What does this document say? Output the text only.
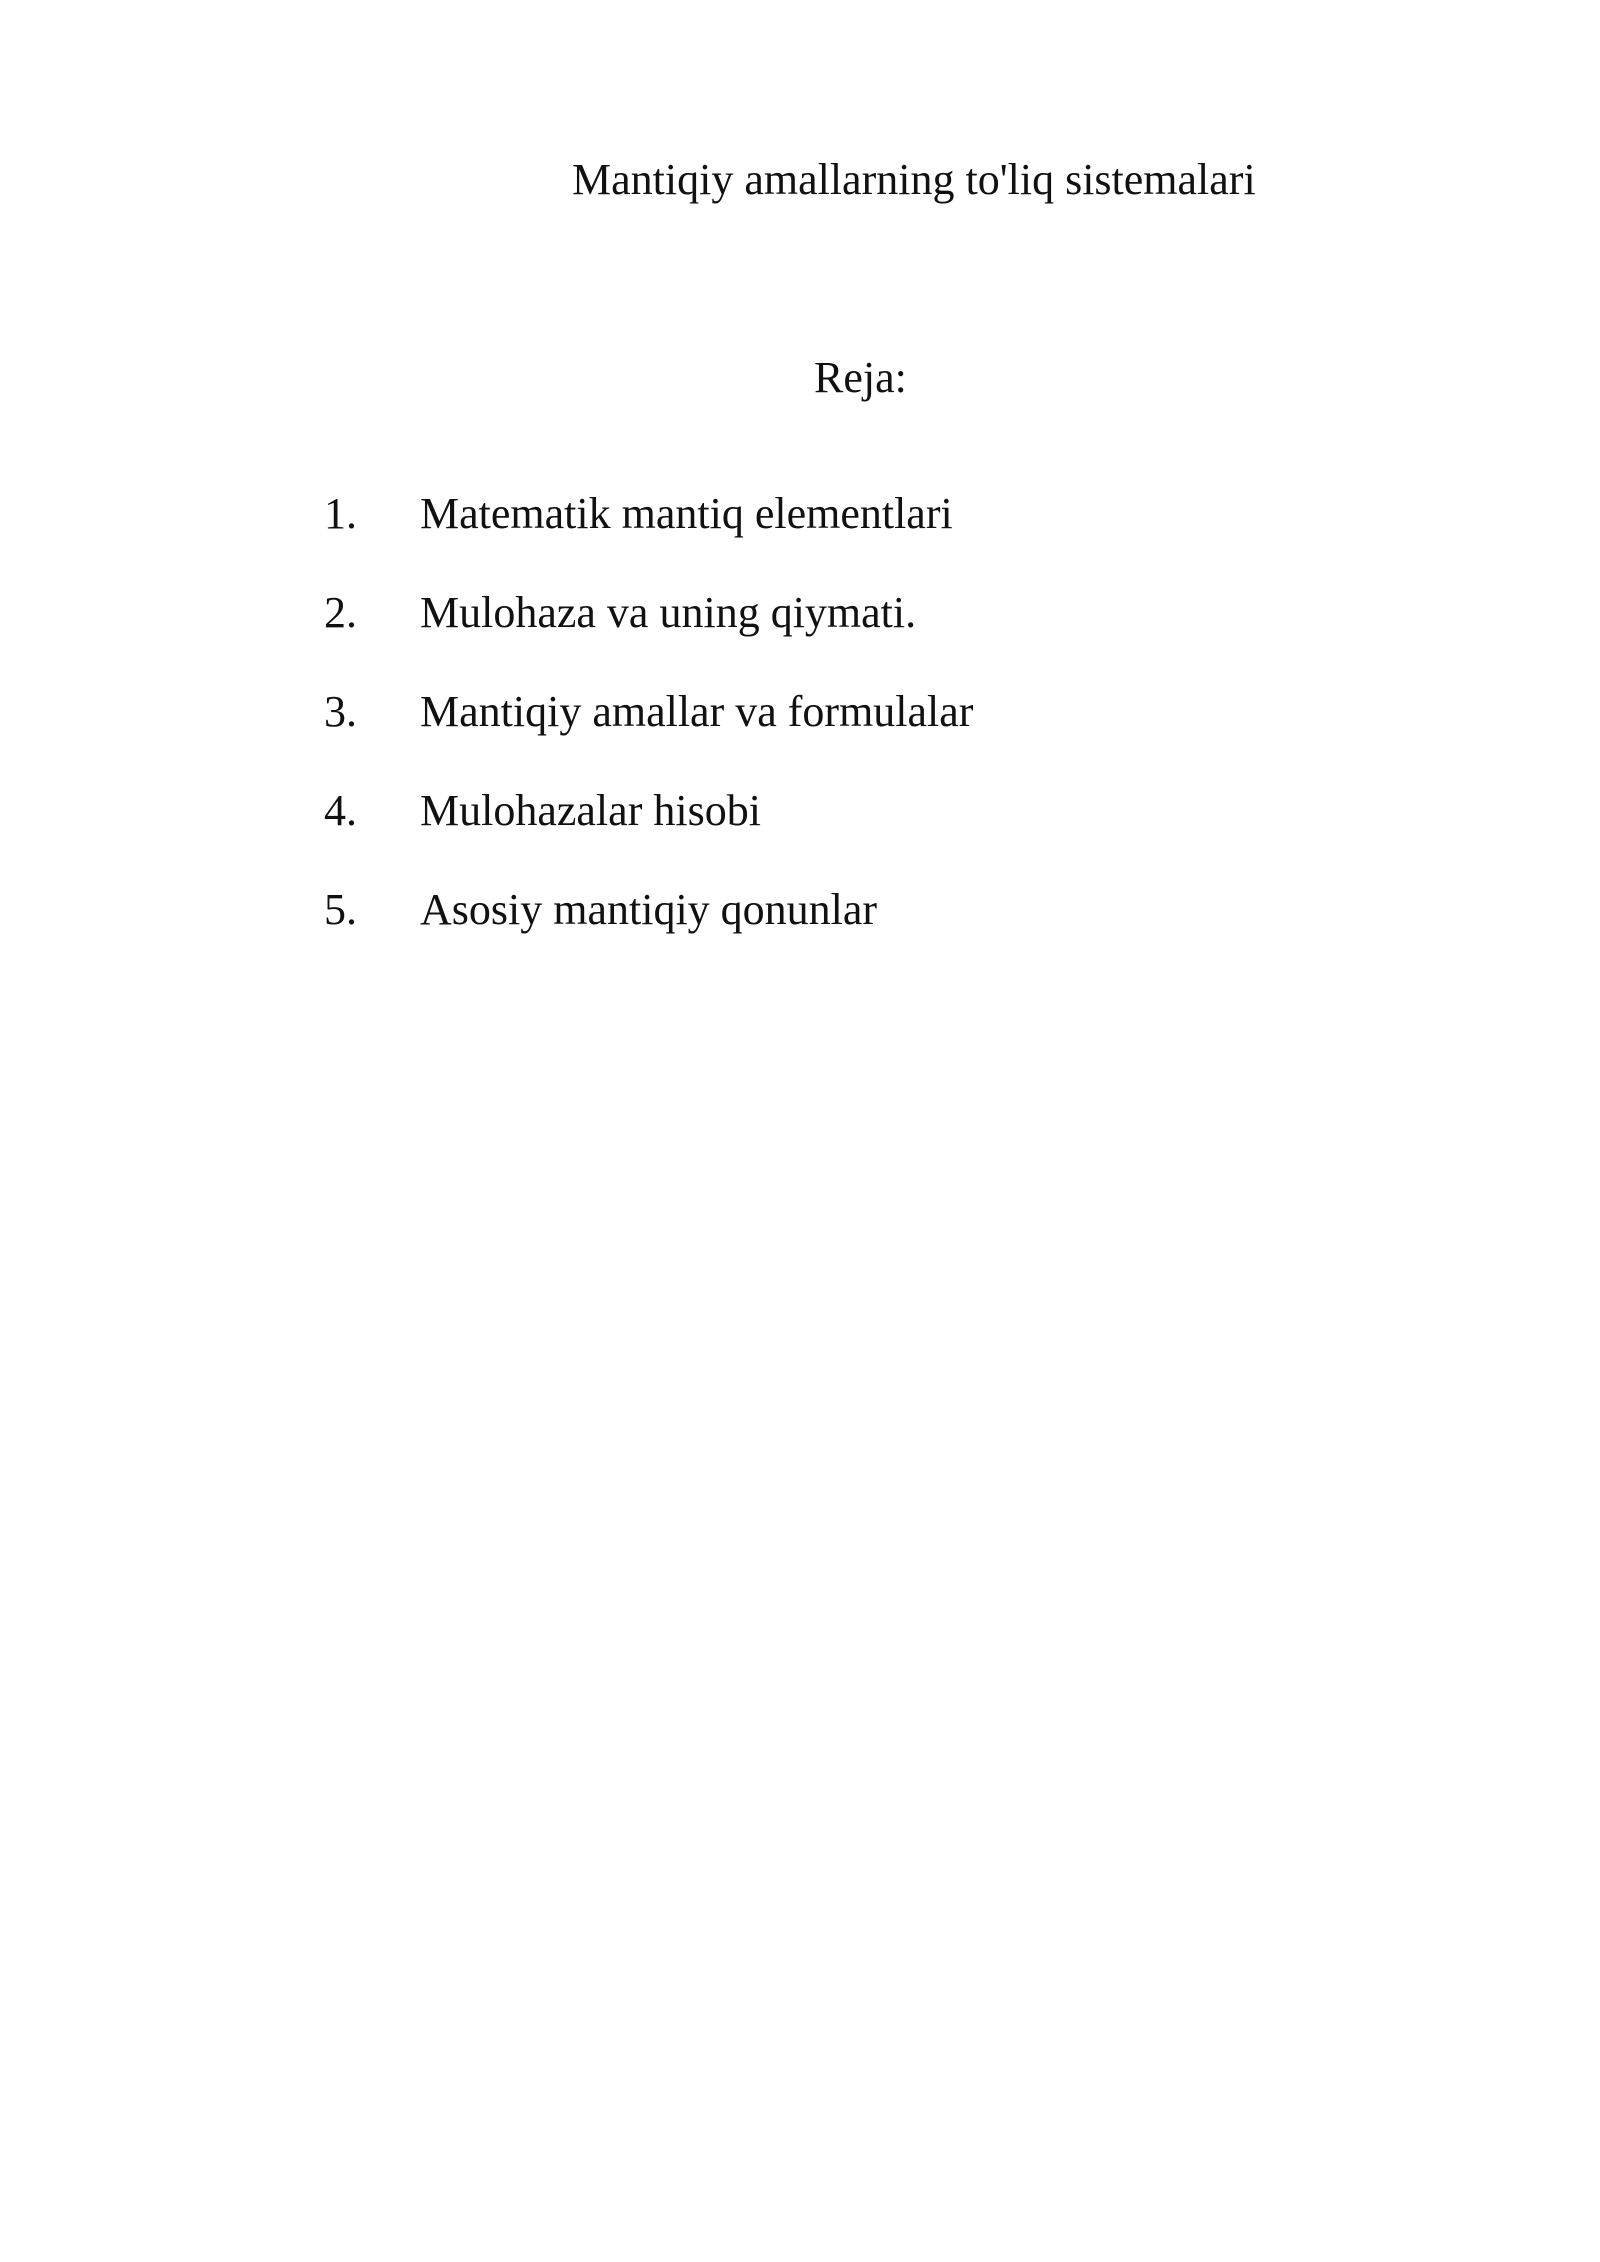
Mantiqiy amallarning to'liq sistemalari
Reja:
1.	Matematik mantiq elementlari
2.	Mulohaza va uning qiymati.
3.	Mantiqiy amallar va formulalar
4.	Mulohazalar hisobi
5.	Asosiy mantiqiy qonunlar
